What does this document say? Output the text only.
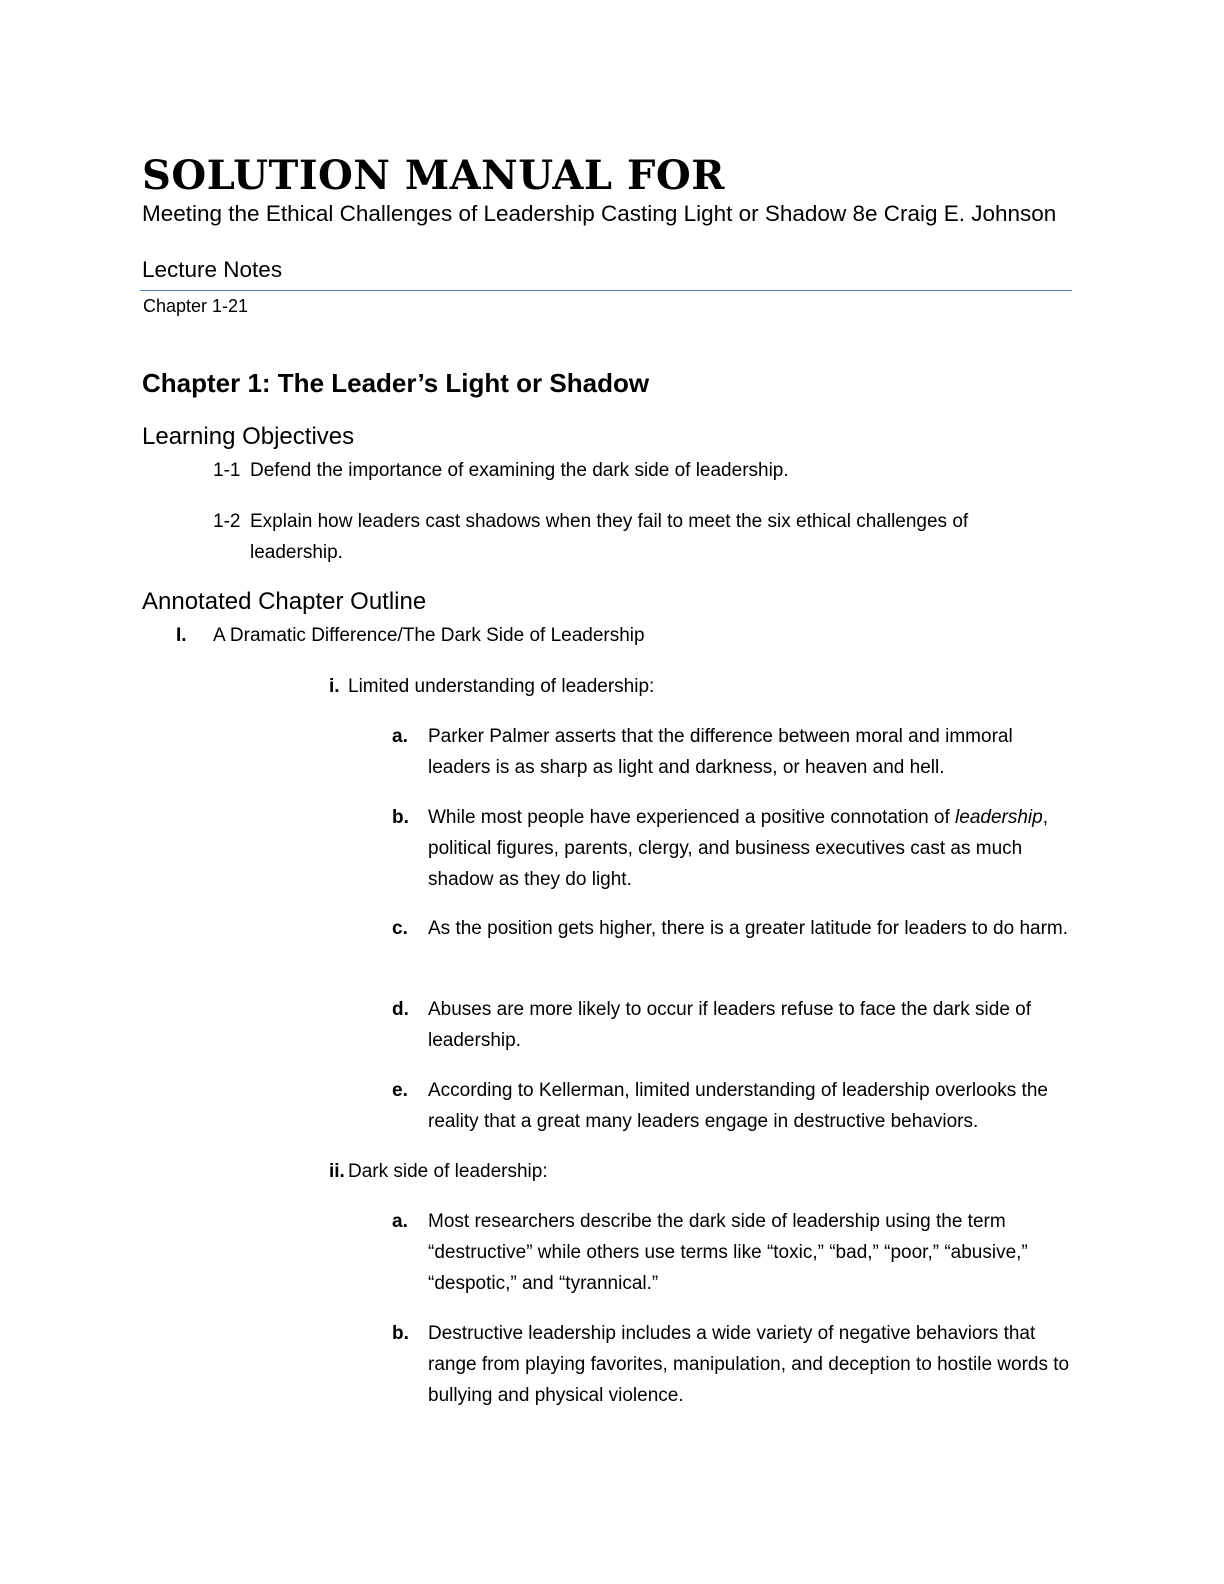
SOLUTION MANUAL FOR
Meeting the Ethical Challenges of Leadership Casting Light or Shadow 8e Craig E. Johnson
Lecture Notes
Chapter 1-21
Chapter 1: The Leader’s Light or Shadow
Learning Objectives
1-1 Defend the importance of examining the dark side of leadership.
1-2 Explain how leaders cast shadows when they fail to meet the six ethical challenges of leadership.
Annotated Chapter Outline
I. A Dramatic Difference/The Dark Side of Leadership
i. Limited understanding of leadership:
a. Parker Palmer asserts that the difference between moral and immoral leaders is as sharp as light and darkness, or heaven and hell.
b. While most people have experienced a positive connotation of leadership, political figures, parents, clergy, and business executives cast as much shadow as they do light.
c. As the position gets higher, there is a greater latitude for leaders to do harm.
d. Abuses are more likely to occur if leaders refuse to face the dark side of leadership.
e. According to Kellerman, limited understanding of leadership overlooks the reality that a great many leaders engage in destructive behaviors.
ii. Dark side of leadership:
a. Most researchers describe the dark side of leadership using the term “destructive” while others use terms like “toxic,” “bad,” “poor,” “abusive,” “despotic,” and “tyrannical.”
b. Destructive leadership includes a wide variety of negative behaviors that range from playing favorites, manipulation, and deception to hostile words to bullying and physical violence.
